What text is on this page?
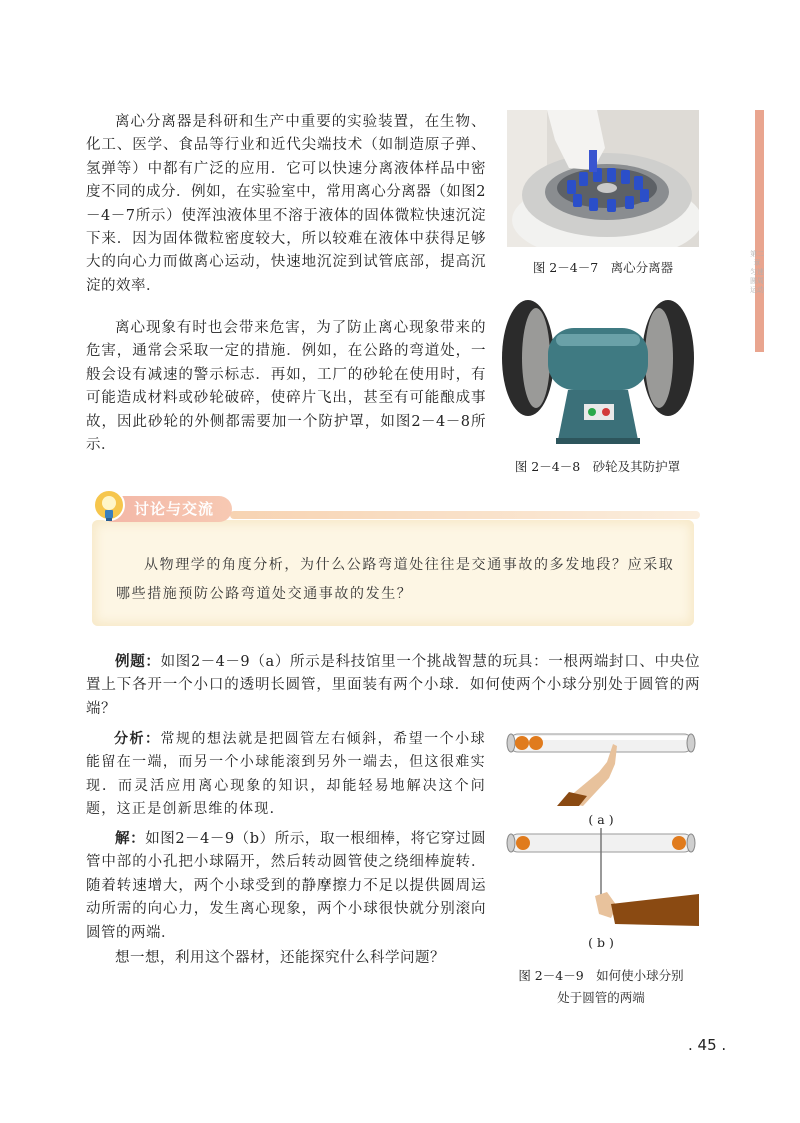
第二章 匀速圆周运动

离心分离器是科研和生产中重要的实验装置，在生物、化工、医学、食品等行业和近代尖端技术（如制造原子弹、氢弹等）中都有广泛的应用．它可以快速分离液体样品中密度不同的成分．例如，在实验室中，常用离心分离器（如图2－4－7所示）使浑浊液体里不溶于液体的固体微粒快速沉淀下来．因为固体微粒密度较大，所以较难在液体中获得足够大的向心力而做离心运动，快速地沉淀到试管底部，提高沉淀的效率．

离心现象有时也会带来危害，为了防止离心现象带来的危害，通常会采取一定的措施．例如，在公路的弯道处，一般会设有减速的警示标志．再如，工厂的砂轮在使用时，有可能造成材料或砂轮破碎，使碎片飞出，甚至有可能酿成事故，因此砂轮的外侧都需要加一个防护罩，如图2－4－8所示．

图 2－4－7　离心分离器
图 2－4－8　砂轮及其防护罩
讨论与交流

从物理学的角度分析，为什么公路弯道处往往是交通事故的多发地段？应采取哪些措施预防公路弯道处交通事故的发生？

例题：如图2－4－9（a）所示是科技馆里一个挑战智慧的玩具：一根两端封口、中央位置上下各开一个小口的透明长圆管，里面装有两个小球．如何使两个小球分别处于圆管的两端？

分析：常规的想法就是把圆管左右倾斜，希望一个小球能留在一端，而另一个小球能滚到另外一端去，但这很难实现．而灵活应用离心现象的知识，却能轻易地解决这个问题，这正是创新思维的体现．

解：如图2－4－9（b）所示，取一根细棒，将它穿过圆管中部的小孔把小球隔开，然后转动圆管使之绕细棒旋转．随着转速增大，两个小球受到的静摩擦力不足以提供圆周运动所需的向心力，发生离心现象，两个小球很快就分别滚向圆管的两端．

想一想，利用这个器材，还能探究什么科学问题？

( a )
( b )
图 2－4－9　如何使小球分别
处于圆管的两端
. 45 .
